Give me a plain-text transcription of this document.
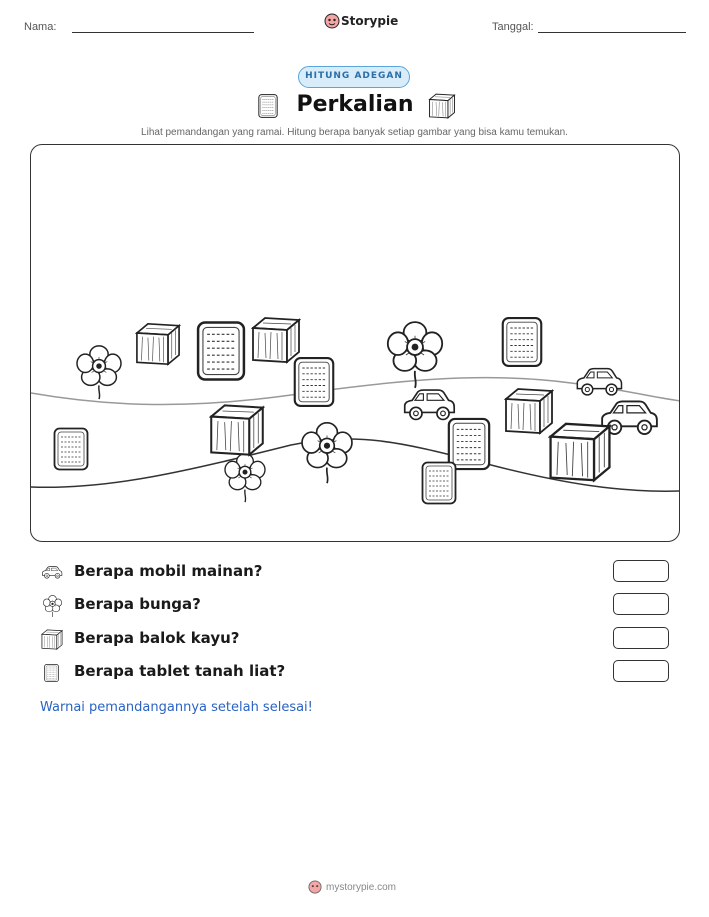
Nama:	Storypie	Tanggal:
HITUNG ADEGAN
Perkalian
Lihat pemandangan yang ramai. Hitung berapa banyak setiap gambar yang bisa kamu temukan.
Berapa mobil mainan?
Berapa bunga?
Berapa balok kayu?
Berapa tablet tanah liat?
Warnai pemandangannya setelah selesai!
mystorypie.com
